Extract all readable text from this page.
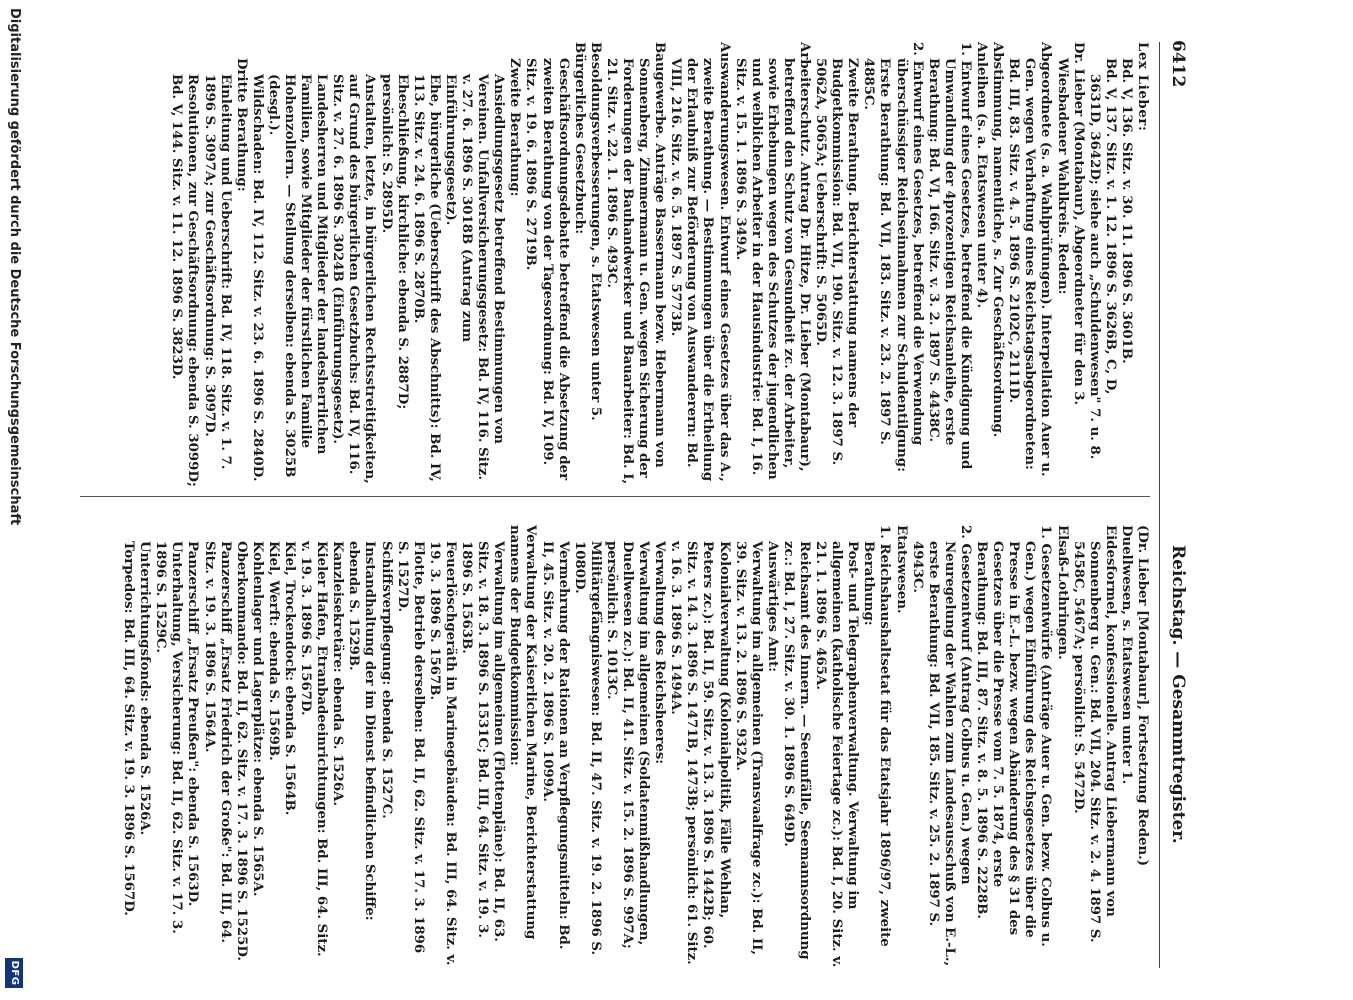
6412
Reichstag. — Gesammtregister.

Lex Lieber:

Bd. V, 136. Sitz. v. 30. 11. 1896 S. 3601B.

Bd. V, 137. Sitz. v. 1. 12. 1896 S. 3626B, C, D,

3631D, 3642D; siehe auch „Schuldenwesen" 7. u. 8.

Dr. Lieber (Montabaur), Abgeordneter für den 3. Wiesbadener Wahlkreis. Reden:

Abgeordnete (s. a. Wahlprüfungen). Interpellation Auer u. Gen. wegen Verhaftung eines Reichstagsabgeordneten: Bd. III, 83. Sitz. v. 4. 5. 1896 S. 2102C, 2111D.

Abstimmung, namentliche, s. Zur Geschäftsordnung.

Anleihen (s. a. Etatswesen unter 4).

1. Entwurf eines Gesetzes, betreffend die Kündigung und Umwandlung der 4prozentigen Reichsanleihe, erste Berathung: Bd. VI, 166. Sitz. v. 3. 2. 1897 S. 4438C.

2. Entwurf eines Gesetzes, betreffend die Verwendung überschüssiger Reichseinnahmen zur Schuldentilgung: Erste Berathung: Bd. VII, 183. Sitz. v. 23. 2. 1897 S. 4885C.

Zweite Berathung. Berichterstattung namens der Budgetkommission: Bd. VII, 190. Sitz. v. 12. 3. 1897 S. 5062A, 5065A; Ueberschrift: S. 5065D.

Arbeiterschutz. Antrag Dr. Hitze, Dr. Lieber (Montabaur), betreffend den Schutz von Gesundheit zc. der Arbeiter, sowie Erhebungen wegen des Schutzes der jugendlichen und weiblichen Arbeiter in der Hausindustrie: Bd. I, 16. Sitz. v. 15. 1. 1896 S. 349A.

Auswanderungswesen. Entwurf eines Gesetzes über das A., zweite Berathung. — Bestimmungen über die Ertheilung der Erlaubniß zur Beförderung von Auswanderern: Bd. VIII, 216. Sitz. v. 6. 5. 1897 S. 5773B.

Baugewerbe. Anträge Bassermann bezw. Hebermann von Sonnenberg, Zimmermann u. Gen. wegen Sicherung der Forderungen der Bauhandwerker und Bauarbeiter: Bd. I, 21. Sitz. v. 22. 1. 1896 S. 493C.

Besoldungsverbesserungen, s. Etatswesen unter 5.

Bürgerliches Gesetzbuch:

Geschäftsordnungsdebatte betreffend die Absetzung der zweiten Berathung von der Tagesordnung: Bd. IV, 109. Sitz. v. 19. 6. 1896 S. 2719B.

Zweite Berathung:

Ansiedlungsgesetz betreffend Bestimmungen von Vereinen. Unfallversicherungsgesetz: Bd. IV, 116. Sitz. v. 27. 6. 1896 S. 3018B (Antrag zum Einführungsgesetz).

Ehe, bürgerliche (Ueberschrift des Abschnitts): Bd. IV, 113. Sitz. v. 24. 6. 1896 S. 2870B.

Eheschließung, kirchliche: ebenda S. 2887D; persönlich: S. 2895D.

Anstalten, letzte, in bürgerlichen Rechtsstreitigkeiten, auf Grund des bürgerlichen Gesetzbuchs: Bd. IV, 116. Sitz. v. 27. 6. 1896 S. 3024B (Einführungsgesetz).

Landesherren und Mitglieder der landesherrlichen Familien, sowie Mitglieder der fürstlichen Familie Hohenzollern. — Stellung derselben: ebenda S. 3025B (desgl.).

Wildschaden: Bd. IV, 112. Sitz. v. 23. 6. 1896 S. 2840D.

Dritte Berathung:

Einleitung und Ueberschrift: Bd. IV, 118. Sitz. v. 1. 7. 1896 S. 3097A; zur Geschäftsordnung: S. 3097D.

Resolutionen, zur Geschäftsordnung: ebenda S. 3099D; Bd. V, 144. Sitz. v. 11. 12. 1896 S. 3823D.

(Dr. Lieber [Montabaur], Fortsetzung Reden.)

Duellwesen, s. Etatswesen unter 1.

Eidesformel, konfessionelle. Antrag Liebermann von Sonnenberg u. Gen.: Bd. VII, 204. Sitz. v. 2. 4. 1897 S. 5458C, 5467A; persönlich: S. 5472D.

Elsaß-Lothringen.

1. Gesetzentwürfe (Anträge Auer u. Gen. bezw. Colbus u. Gen.) wegen Einführung des Reichsgesetzes über die Presse in E.-L. bezw. wegen Abänderung des § 31 des Gesetzes über die Presse vom 7. 5. 1874, erste Berathung: Bd. III, 87. Sitz. v. 8. 5. 1896 S. 2228B.

2. Gesetzentwurf (Antrag Colbus u. Gen.) wegen Neuregelung der Wahlen zum Landesausschuß von E.-L., erste Berathung: Bd. VII, 185. Sitz. v. 25. 2. 1897 S. 4943C.

Etatswesen.

1. Reichshaushaltsetat für das Etatsjahr 1896/97, zweite Berathung:

Post- und Telegraphenverwaltung. Verwaltung im allgemeinen (katholische Feiertage zc.): Bd. I, 20. Sitz. v. 21. 1. 1896 S. 465A.

Reichsamt des Innern. — Seeunfälle, Seemannsordnung zc.: Bd. I, 27. Sitz. v. 30. 1. 1896 S. 649D.

Auswärtiges Amt:

Verwaltung im allgemeinen (Transvaalfrage zc.): Bd. II, 39. Sitz. v. 13. 2. 1896 S. 932A.

Kolonialverwaltung (Kolonialpolitik, Fälle Wehlan, Peters zc.): Bd. II, 59. Sitz. v. 13. 3. 1896 S. 1442B; 60. Sitz. v. 14. 3. 1896 S. 1471B, 1473B; persönlich: 61. Sitz. v. 16. 3. 1896 S. 1494A.

Verwaltung des Reichsheeres:

Verwaltung im allgemeinen (Soldatenmißhandlungen, Duellwesen zc.): Bd. II, 41. Sitz. v. 15. 2. 1896 S. 997A; persönlich: S. 1013C.

Militärgefängniswesen: Bd. II, 47. Sitz. v. 19. 2. 1896 S. 1080D.

Vermehrung der Rationen an Verpflegungsmitteln: Bd. II, 45. Sitz. v. 20. 2. 1896 S. 1099A.

Verwaltung der Kaiserlichen Marine, Berichterstattung namens der Budgetkommission:

Verwaltung im allgemeinen (Flottenpläne): Bd. II, 63. Sitz. v. 18. 3. 1896 S. 1531C; Bd. III, 64. Sitz. v. 19. 3. 1896 S. 1563B.

Feuerlöschgeräth in Marinegebäuden: Bd. III, 64. Sitz. v. 19. 3. 1896 S. 1567B.

Flotte, Betrieb derselben: Bd. II, 62. Sitz. v. 17. 3. 1896 S. 1527D.

Schiffsverpflegung: ebenda S. 1527C.

Instandhaltung der im Dienst befindlichen Schiffe: ebenda S. 1529B.

Kanzleisekretäre: ebenda S. 1526A.

Kieler Hafen, Etranbadeeinrichtungen: Bd. III, 64. Sitz. v. 19. 3. 1896 S. 1567D.

Kiel, Trockendock: ebenda S. 1564B.

Kiel, Werft: ebenda S. 1569B.

Kohlenlager und Lagerplätze: ebenda S. 1565A.

Oberkommando: Bd. II, 62. Sitz. v. 17. 3. 1896 S. 1525D.

Panzerschiff „Ersatz Friedrich der Große": Bd. III, 64. Sitz. v. 19. 3. 1896 S. 1564A.

Panzerschiff „Ersatz Preußen": ebenda S. 1563D.

Unterhaltung, Versicherung: Bd. II, 62. Sitz. v. 17. 3. 1896 S. 1529C.

Unterrichtungsfonds: ebenda S. 1526A.

Torpedos: Bd. III, 64. Sitz. v. 19. 3. 1896 S. 1567D.

Digitalisierung gefördert durch die Deutsche Forschungsgemeinschaft
DFG
